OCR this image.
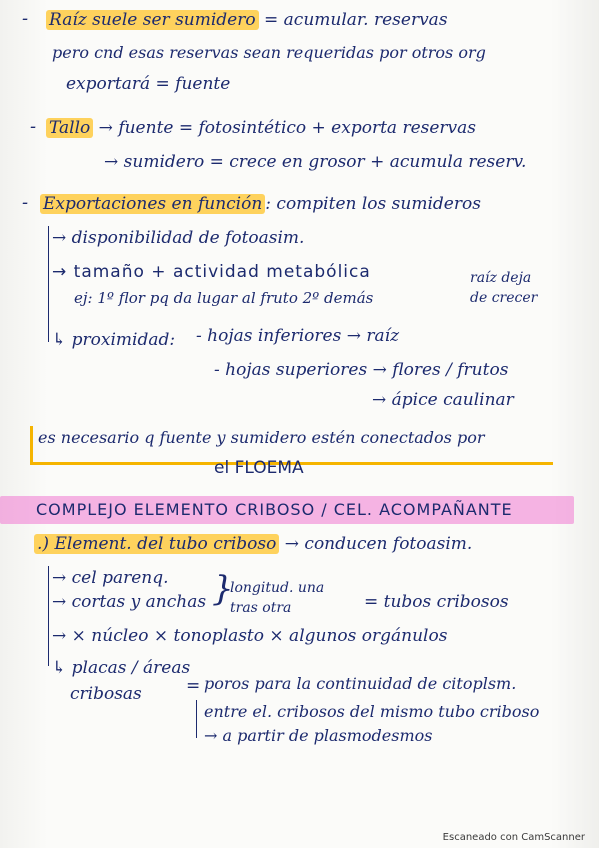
- Raíz suele ser sumidero = acumular. reservas
pero cnd esas reservas sean requeridas por otros org
exportará = fuente
- Tallo → fuente = fotosintético + exporta reservas
→ sumidero = crece en grosor + acumula reserv.
- Exportaciones en función : compiten los sumideros
→ disponibilidad de fotoasim.
→ tamaño + actividad metabólica
ej: 1º flor pq da lugar al fruto 2º demás
raíz deja
de crecer
↳ proximidad: - hojas inferiores → raíz
- hojas superiores → flores / frutos
→ ápice caulinar
es necesario q fuente y sumidero estén conectados por
el FLOEMA
COMPLEJO ELEMENTO CRIBOSO / CEL. ACOMPAÑANTE
.) Element. del tubo criboso → conducen fotoasim.
→ cel parenq.
→ cortas y anchas }
longitud. una
tras otra	= tubos cribosos
→ × núcleo × tonoplasto × algunos orgánulos
↳ placas / áreas
cribosas	= poros para la continuidad de citoplsm.
entre el. cribosos del mismo tubo criboso
→ a partir de plasmodesmos
Escaneado con CamScanner
